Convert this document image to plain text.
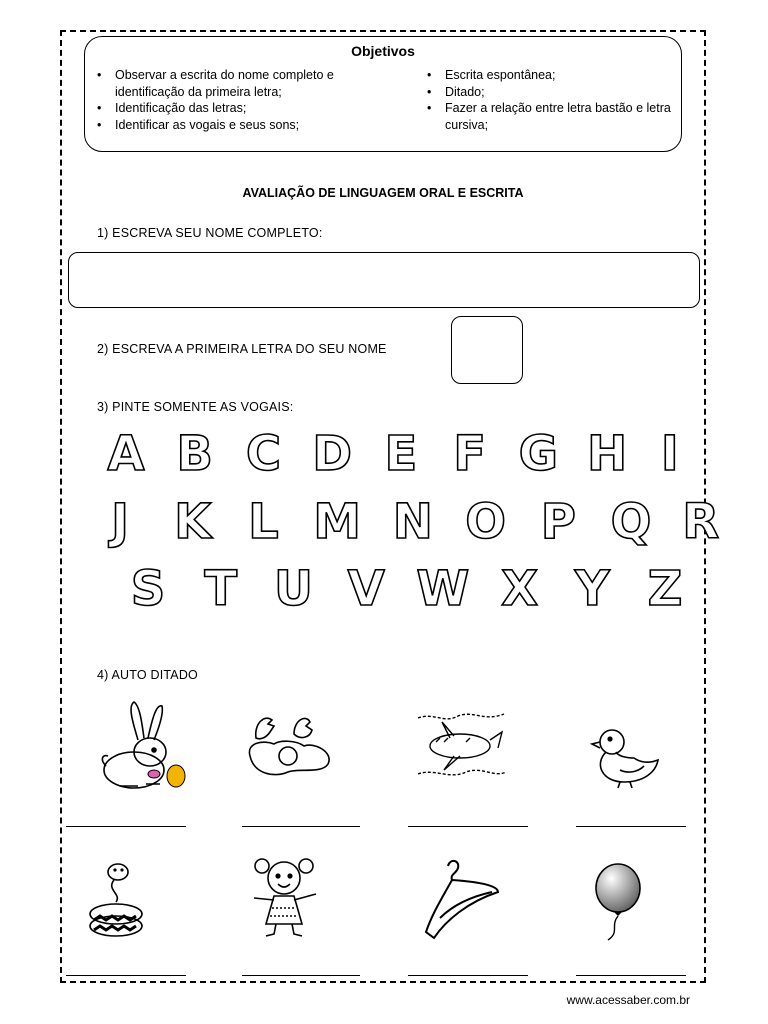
Objetivos
• Observar a escrita do nome completo e identificação da primeira letra;
• Identificação das letras;
• Identificar as vogais e seus sons;
• Escrita espontânea;
• Ditado;
• Fazer a relação entre letra bastão e letra cursiva;
AVALIAÇÃO DE LINGUAGEM ORAL E ESCRITA
1) ESCREVA SEU NOME COMPLETO:
2) ESCREVA A PRIMEIRA LETRA DO SEU NOME
3) PINTE SOMENTE AS VOGAIS:
A B C D E F G H I
J K L M N O P Q R
S T U V W X Y Z
4) AUTO DITADO
www.acessaber.com.br
